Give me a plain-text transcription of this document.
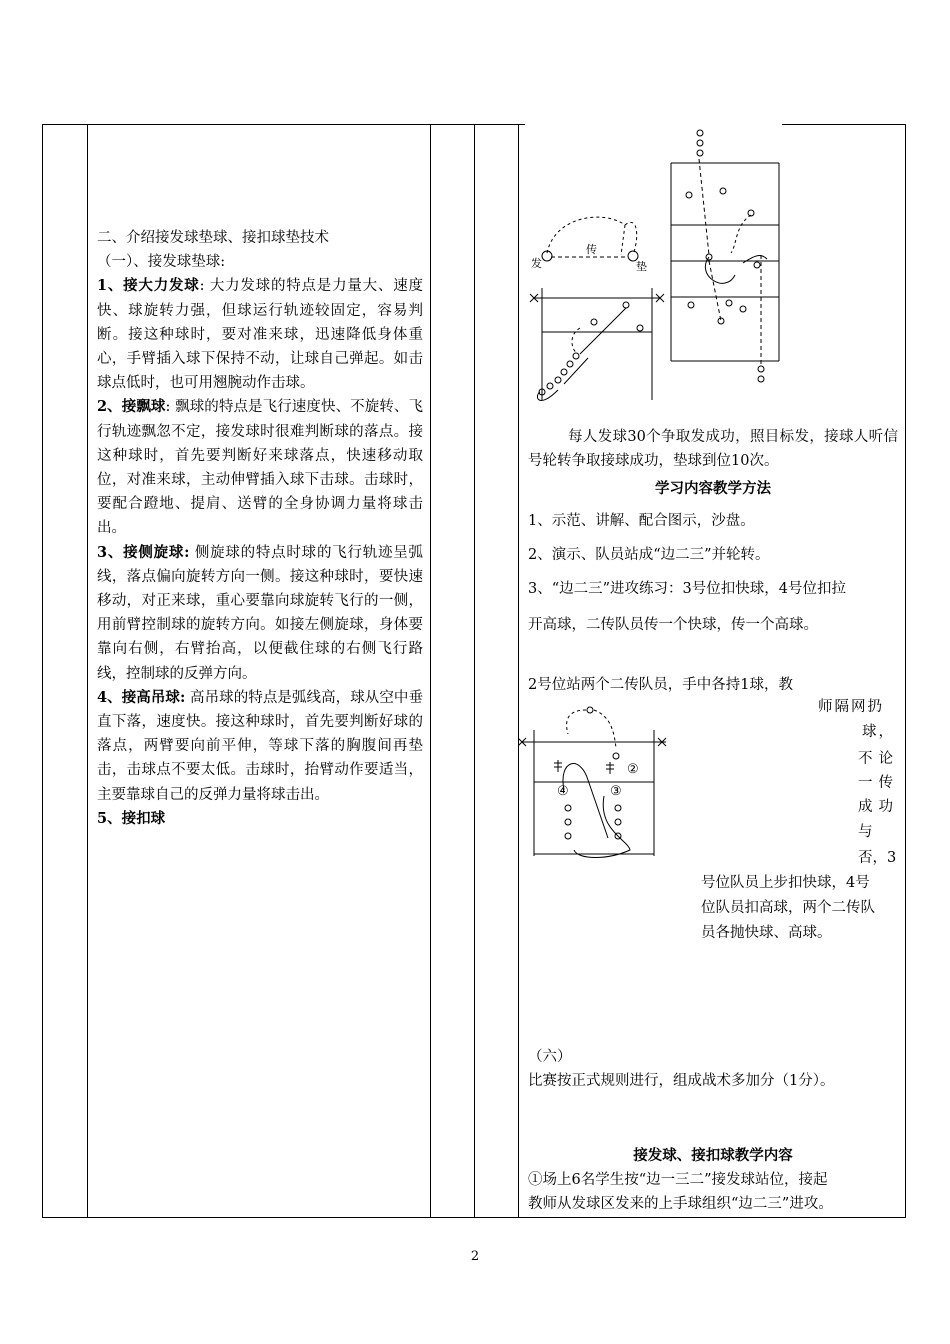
二、介绍接发球垫球、接扣球垫技术

（一）、接发球垫球:

1、接大力发球: 大力发球的特点是力量大、速度快、球旋转力强，但球运行轨迹较固定，容易判断。接这种球时，要对准来球，迅速降低身体重心，手臂插入球下保持不动，让球自己弹起。如击球点低时，也可用翘腕动作击球。

2、接飘球: 飘球的特点是飞行速度快、不旋转、飞行轨迹飘忽不定，接发球时很难判断球的落点。接这种球时，首先要判断好来球落点，快速移动取位，对准来球，主动伸臂插入球下击球。击球时，要配合蹬地、提肩、送臂的全身协调力量将球击出。

3、接侧旋球: 侧旋球的特点时球的飞行轨迹呈弧线，落点偏向旋转方向一侧。接这种球时，要快速移动，对正来球，重心要靠向球旋转飞行的一侧，用前臂控制球的旋转方向。如接左侧旋球，身体要靠向右侧，右臂抬高，以便截住球的右侧飞行路线，控制球的反弹方向。

4、接高吊球: 高吊球的特点是弧线高，球从空中垂直下落，速度快。接这种球时，首先要判断好球的落点，两臂要向前平伸，等球下落的胸腹间再垫击，击球点不要太低。击球时，抬臂动作要适当，主要靠球自己的反弹力量将球击出。

5、接扣球

发
传
垫
每人发球30个争取发成功，照目标发，接球人听信号轮转争取接球成功，垫球到位10次。
学习内容教学方法
1、示范、讲解、配合图示，沙盘。
2、演示、队员站成“边二三”并轮转。
3、“边二三”进攻练习：3号位扣快球，4号位扣拉
开高球，二传队员传一个快球，传一个高球。
2号位站两个二传队员，手中各持1球，教
②
④	③
师隔网扔
球，
不论
一传
成功
与
否，3
号位队员上步扣快球，4号
位队员扣高球，两个二传队
员各抛快球、高球。
（六）
比赛按正式规则进行，组成战术多加分（1分）。
接发球、接扣球教学内容
①场上6名学生按“边一三二”接发球站位，接起
教师从发球区发来的上手球组织“边二三”进攻。
2
